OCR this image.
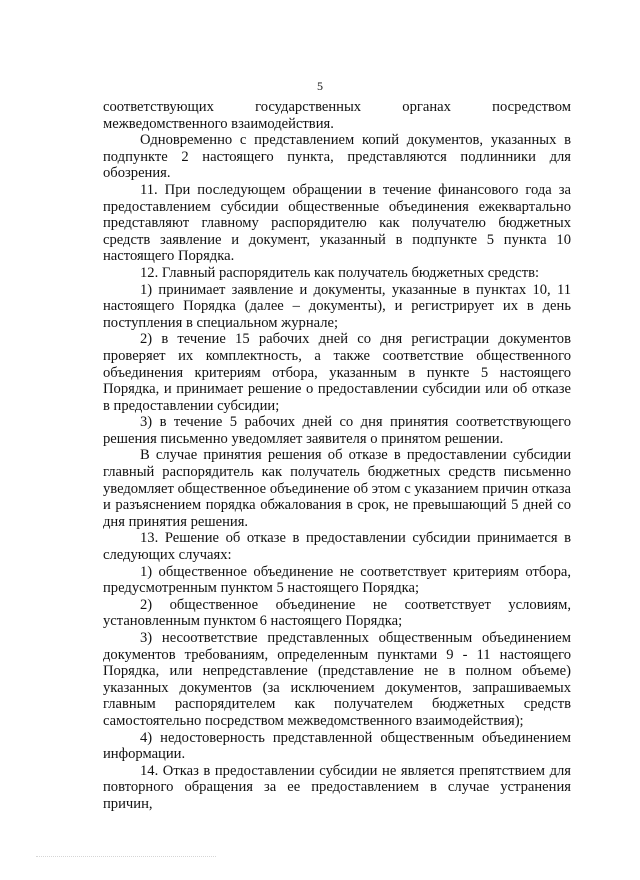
5

соответствующих государственных органах посредством межведомственного взаимодействия.

Одновременно с представлением копий документов, указанных в подпункте 2 настоящего пункта, представляются подлинники для обозрения.

11. При последующем обращении в течение финансового года за предоставлением субсидии общественные объединения ежеквартально представляют главному распорядителю как получателю бюджетных средств заявление и документ, указанный в подпункте 5 пункта 10 настоящего Порядка.

12. Главный распорядитель как получатель бюджетных средств:

1) принимает заявление и документы, указанные в пунктах 10, 11 настоящего Порядка (далее – документы), и регистрирует их в день поступления в специальном журнале;

2) в течение 15 рабочих дней со дня регистрации документов проверяет их комплектность, а также соответствие общественного объединения критериям отбора, указанным в пункте 5 настоящего Порядка, и принимает решение о предоставлении субсидии или об отказе в предоставлении субсидии;

3) в течение 5 рабочих дней со дня принятия соответствующего решения письменно уведомляет заявителя о принятом решении.

В случае принятия решения об отказе в предоставлении субсидии главный распорядитель как получатель бюджетных средств письменно уведомляет общественное объединение об этом с указанием причин отказа и разъяснением порядка обжалования в срок, не превышающий 5 дней со дня принятия решения.

13. Решение об отказе в предоставлении субсидии принимается в следующих случаях:

1) общественное объединение не соответствует критериям отбора, предусмотренным пунктом 5 настоящего Порядка;

2) общественное объединение не соответствует условиям,

установленным пунктом 6 настоящего Порядка;

3) несоответствие представленных общественным объединением документов требованиям, определенным пунктами 9 - 11 настоящего Порядка, или непредставление (представление не в полном объеме) указанных документов (за исключением документов, запрашиваемых главным распорядителем как получателем бюджетных средств самостоятельно посредством межведомственного взаимодействия);

4) недостоверность представленной общественным объединением информации.

14. Отказ в предоставлении субсидии не является препятствием для повторного обращения за ее предоставлением в случае устранения причин,
